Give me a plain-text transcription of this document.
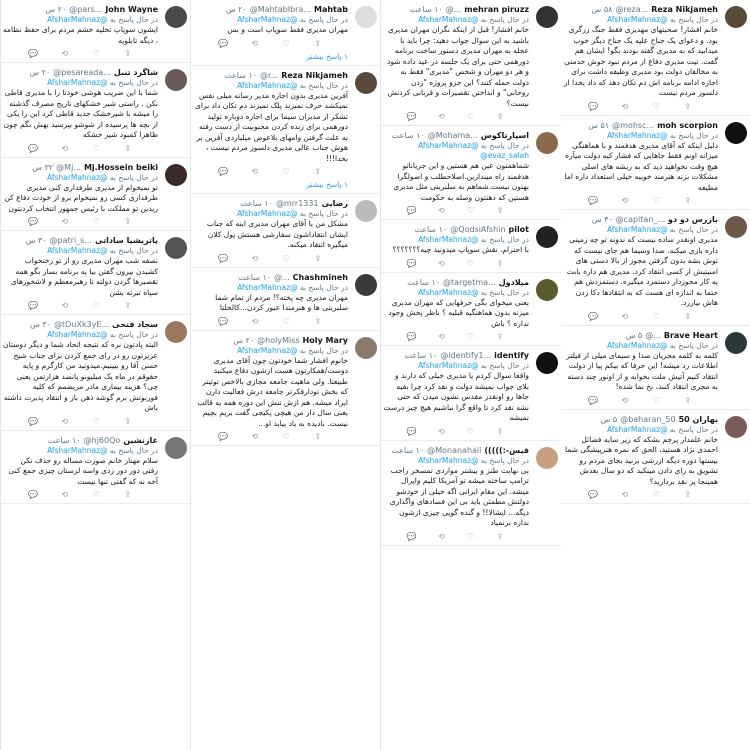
Reza Nikjameh
@reza...
۵۸ س
در حال پاسخ به @AfsharMahnaz
خانم افشار! صحبتهای مهدیزی فقط جنگ زرگری بود. و دعوای یک جناح علیه یک جناح دیگر خوب میدانید که به مدیری گفته بودند بگو! ایشان هم گفت. تیت مدیری دفاع از مردم نبود خوش خدمتی به مخالفان دولت بود مدیری وظیفه داشت برای اجازه ادامه برنامه اش دم تکان دهد که داد بخدا از دلسوز مردم نیست
💬	⟲	♡	⇪
moh scorpion
@mohsc...
۵۱ س
در حال پاسخ به @AfsharMahnaz
دلیل اینکه که آقای مدیری هدفمند و با هماهنگی میزانه اونم فقط جاهایی که فشار کیه دولت میآره هیچ وقت نخواهید دید که به ریشه های اصلی مشکلات بزنه هنرمند خوبیه خیلی استعداد داره اما مطیعه
💬	⟲	♡	⇪
بازرس دو دو
@capitan_...
۴۰ س
در حال پاسخ به @AfsharMahnaz
مدیری اونقدر ساده نیست که ندونه تو چه زمینی داره بازی میکنه. صدا وسیما هم جای نیست که توش بشه بدون گرفتن مجوز از بالا دستی های امنیتیش از کسی انتقاد کرد. مدیری هم داره بابت یه کار مجوزدار دستمزد میگیره. دستمزدش هم حتما به اندازه ای هست که به انتقادها دکا زدن هاش بیارزد.
💬	⟲	♡	⇪
Brave Heart
@...
۵ س
در حال پاسخ به @AfsharMahnaz
کلمه به کلمه مجریان صدا و سیمای میلی از فیلتر اطلاعات رد میشه! این حرفا که بیکم پیا از دولت انتقاد کنیم آتیش ملت بخوابه و از اونور چند دسته به مجری انتقاد کنند، نخ نما شده!
💬	⟲	♡	⇪
بهاران 50
@baharan_50
۵ س
در حال پاسخ به @AfsharMahnaz
خانم علمدار پرچم بشکه که زیر سایه فضائل احمدی نژاد هستید، الحق که نمره هنرپیشگی شما بیستها دوره دیگه ازرشی بزنید بجای مردم رو تشویق به رای دادن مینکید که دو سال بعدش همینجا پز نقد بردارید؟
💬	⟲	♡	⇪
mehran piruzz
@...
۱۰ ساعت
در حال پاسخ به @AfsharMahnaz
خانم افشار! قبل از اینکه نگران مهران مدیری باشید به این سوال جواب دهید: چرا باید با عجله به مهران مدیری دستور ساخت برنامه دورهمی حتی برای یک جلسه در عید داده شود و هر دو مهران و شخص "مدیری" فقط به دولت حمله کنند؟ این جزو پروژه "زدن روحانی" و انداختن تقصیرات و قربانی کردنش نیست؟
💬	⟲	♡	⇪
اسپارتاکوس
@Mohama...
۱۰ ساعت
در حال پاسخ به @AfsharMahnaz @evaz_salah
شماهمتون عین هم هستین و این جریاناتو هدفمند راه میندازین.اصلاحطلب و اصولگرا بهتون نیست.شماهم به سلبریتی مثل مدیری هستین که دهنتون وصله به حکومت
💬	⟲	♡	⇪
pilot
@QodsiAfshin
۱۰ ساعت
در حال پاسخ به @AfsharMahnaz
با احترام، نقش سوپاپ میدونید چیه؟؟؟؟؟؟؟
💬	⟲	♡	⇪
میلادول
@targetma...
۱۰ ساعت
در حال پاسخ به @AfsharMahnaz
یعنی میخوای بگی حرفهایی که مهران مدیری میزنه بدون هماهنگیه قبلیه ؟ ناظر پخش وجود نداره ؟ باش
💬	⟲	♡	⇪
identify
@identify1...
۱۰ ساعت
در حال پاسخ به @AfsharMahnaz
واقعا سوال کردم یا مدیری خیلی که دارند و بلای جواب نمیشه دولت و نقد کرد چرا بقیه جاها رو اونقدر مقدس نشون میدن که حتی نشه نقد کرد تا واقع گرا نباشیم هیچ چیز درست نمیشه
💬	⟲	♡	⇪
قیس-:)))))
@Monanahali
۱۰ ساعت
در حال پاسخ به @AfsharMahnaz
بی نهایت طنز و بیشتر مواردی تمسخر راجب ترامپ ساخته میشه تو آمریکا کلیم واپرال میشه. این مقام ایرانی اگه خیلی از خودشو دولتش مطمئن باید بی این فسادهای واگذاری دیگه... ایشالا!! و گنده گویی چیزی ازشون نداره برنمیاد
💬	⟲	♡	⇪
Mahtab
@MahtabIbra...
۲۰ س
در حال پاسخ به @AfsharMahnaz
مهران مدیری فقط سوپاپ است و بس
💬	⟲	♡	⇪
۱ پاسخ بیشتر
Reza Nikjameh
@r...
۱۰ ساعت
در حال پاسخ به @AfsharMahnaz
آفرین مدیری بدون اجازه مدیر رسانه میلی نفس نمیکشد حرف نمیزند پلک نمیزند دم تکان داد برای تشکر از مدیران سیما برای اجازه دوباره تولید دورهمی برای زنده کردن محبوبیت از دست رفته به علت گرفتن وامهای بلاعوض میلیاردی آفرین بر هوش جناب عالی مدیری دلسوز مردم نیست ، بخدا!!!
💬	⟲	♡	⇪
۱ پاسخ بیشتر
رضایی
@mrr1331
۱۰ ساعت
در حال پاسخ به @AfsharMahnaz
مشکل من با آقای مهران مدیری اینه که جناب ایشان انتقاداشون سفارشی هستش پول کلان میگیره انتقاد میکنه.
💬	⟲	♡	⇪
Chashmineh
@...
۱۰ ساعت
در حال پاسخ به @AfsharMahnaz
مهران مدیری چه پخته؟! مردم از تمام شما سلبریتی ها و هنرمندا عبور کردن...کالخلتا
💬	⟲	♡	⇪
Holy Mary
@holyMiss
۲۰ س
در حال پاسخ به @AfsharMahnaz
خانوم افشار شما خودتون چون آقای مدیری دوست/همکارتون هست ازشون دفاع میکنید طبیعتا. ولی ماهیت جامعه مجازی بالاخص توئیتر که بخش تودارفکرتر جامعه درش فعالیت دارن ایراد میشه. هم ازش تنش این دوره همه یه قالب یعنی سال دار من هیچی پکیجی گفت بریم بچیم نیست. نادیده به یاد بیاید او...
💬	⟲	♡	⇪
John Wayne
@pars...
۲۰ س
در حال پاسخ به @AfsharMahnaz
ایشون سوپاپ تخلیه خشم مردم برای حفظ نظامه ، دیگه تابلویه
💬	⟲	♡	⇪
شاگرد تنبل
@pesareada...
۲۰ س
در حال پاسخ به @AfsharMahnaz
شما با این ضریب هوشی خودتا را با مدیری قاطی نکن . راستی شیر خشکهای تاریخ مصرف گذشته را میشه با شیرخشک جدید قاطی کرد این را یکی از بچه ها پرسیده از شوشو بپرسید بهش بگم چون ظاهرا کمبود شیر خشکه
💬	⟲	♡	⇪
Mj.Hossein beiki
@Mj...
۳۲ س
در حال پاسخ به @AfsharMahnaz
تو نمیخوام از مدیری طرفداری کنی مدیری طرفداری کسی رو نمیخوام برو از خودت دفاع کن ریدین تو مملکت با رئیس جمهور انتخاب کردنتون
💬	⟲	♡	⇪
پاتریشیا ساداتی
@patri_s...
۳۰ س
در حال پاسخ به @AfsharMahnaz
نصفه شب مهران مدیری رو از تو رختخواب کشیدن بیرون گفتن بیا یه برنامه بساز بگو همه تقصیرها گردن دولته تا رهبرمعظم و لاشخورهای سپاه تبرئه بشن
💬	⟲	♡	⇪
سجاد فتحی
@tOuXk3yE...
۳۰ س
در حال پاسخ به @AfsharMahnaz
البته پادتون نره که نتیجه اتحاد شما و دیگر دوستان عزیزتون رو در رای جمع کردن برای جناب شیخ حسن آقا رو ببینیم.میدونید من کارگرم و پایه حقوقم در ماه یک میلیونو پانصد هزارتمن یعنی چی؟ هزینه بیماری مادر مریضمم که کلیه فوربوتش برم گوشه ذهن باز و انتقاد پذیرت داشته باش
💬	⟲	♡	⇪
غازنشین
@hj60Qo
۱۰ ساعت
در حال پاسخ به @AfsharMahnaz
سلام مهناز خانم صورت مساله رو حذف نکن رفتی دور دور زدی واسه لرستان چیزی جمع کنی آخه نه که گفتی تنها نیست
💬	⟲	♡	⇪
